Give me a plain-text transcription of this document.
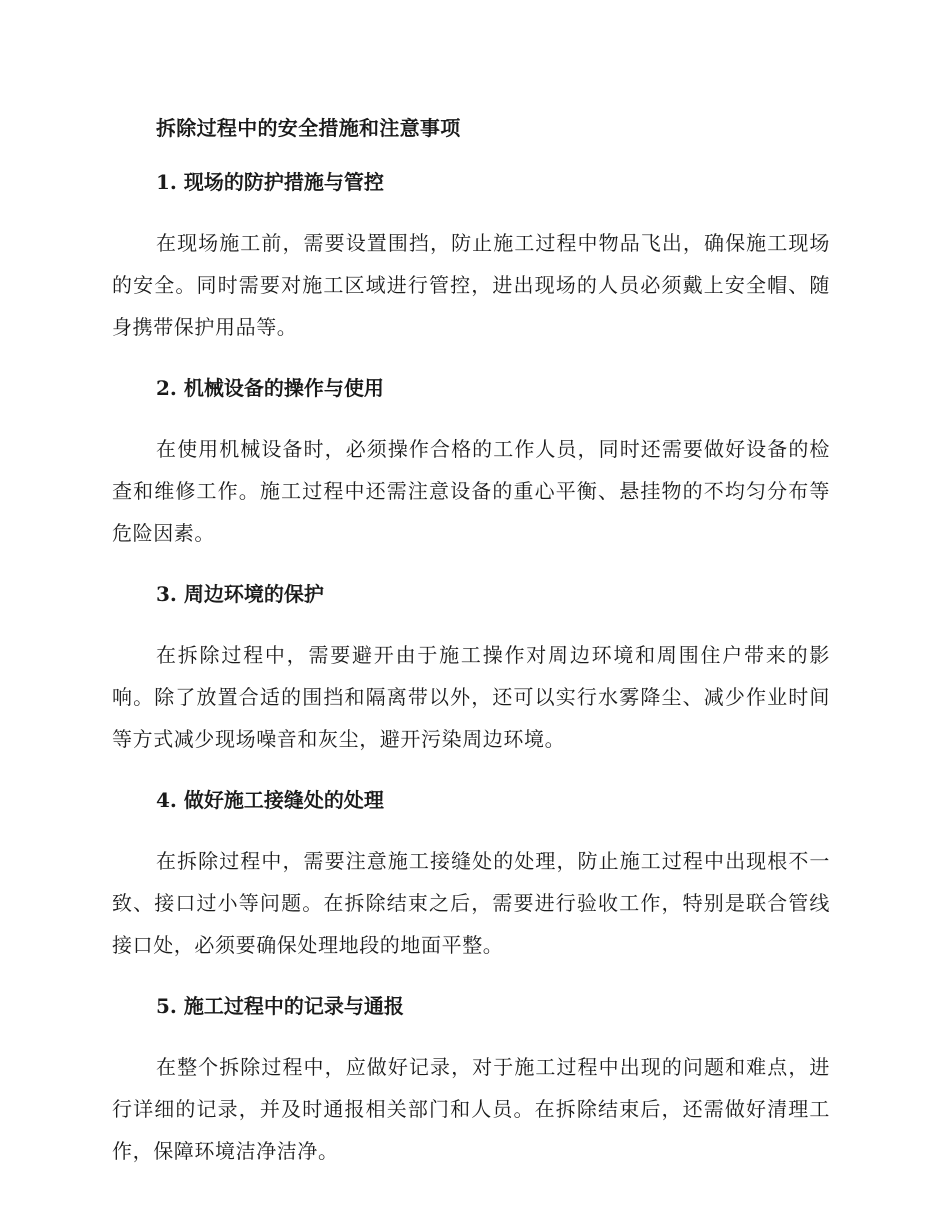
拆除过程中的安全措施和注意事项
1. 现场的防护措施与管控

在现场施工前，需要设置围挡，防止施工过程中物品飞出，确保施工现场的安全。同时需要对施工区域进行管控，进出现场的人员必须戴上安全帽、随身携带保护用品等。

2. 机械设备的操作与使用

在使用机械设备时，必须操作合格的工作人员，同时还需要做好设备的检查和维修工作。施工过程中还需注意设备的重心平衡、悬挂物的不均匀分布等危险因素。

3. 周边环境的保护

在拆除过程中，需要避开由于施工操作对周边环境和周围住户带来的影响。除了放置合适的围挡和隔离带以外，还可以实行水雾降尘、减少作业时间等方式减少现场噪音和灰尘，避开污染周边环境。

4. 做好施工接缝处的处理

在拆除过程中，需要注意施工接缝处的处理，防止施工过程中出现根不一致、接口过小等问题。在拆除结束之后，需要进行验收工作，特别是联合管线接口处，必须要确保处理地段的地面平整。

5. 施工过程中的记录与通报

在整个拆除过程中，应做好记录，对于施工过程中出现的问题和难点，进行详细的记录，并及时通报相关部门和人员。在拆除结束后，还需做好清理工作，保障环境洁净洁净。
